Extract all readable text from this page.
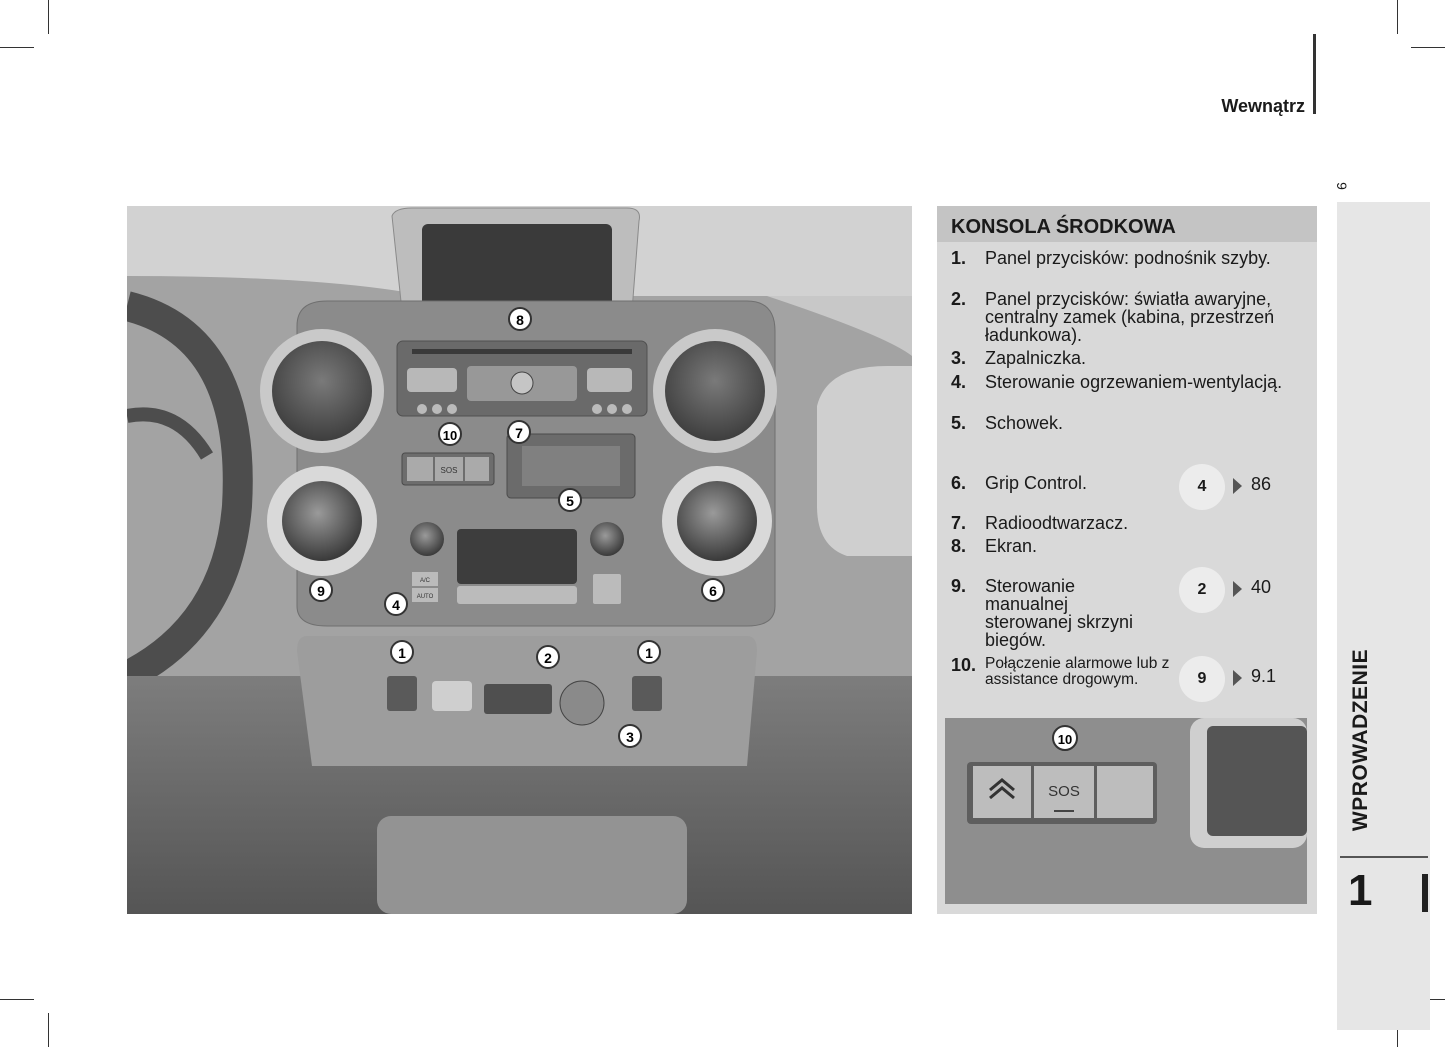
Wewnątrz
9
WPROWADZENIE
1
SOS
A/C
AUTO
8
10	7
5
9
4
6
1	2	1
3
KONSOLA ŚRODKOWA
1. Panel przycisków: podnośnik szyby.
2. Panel przycisków: światła awaryjne, centralny zamek (kabina, przestrzeń ładunkowa).
3. Zapalniczka.
4. Sterowanie ogrzewaniem-wentylacją.
5. Schowek.
6. Grip Control.
7. Radioodtwarzacz.
8. Ekran.
9. Sterowanie manualnej sterowanej skrzyni biegów.
10. Połączenie alarmowe lub z assistance drogowym.
4	86
2	40
9	9.1
SOS
10
